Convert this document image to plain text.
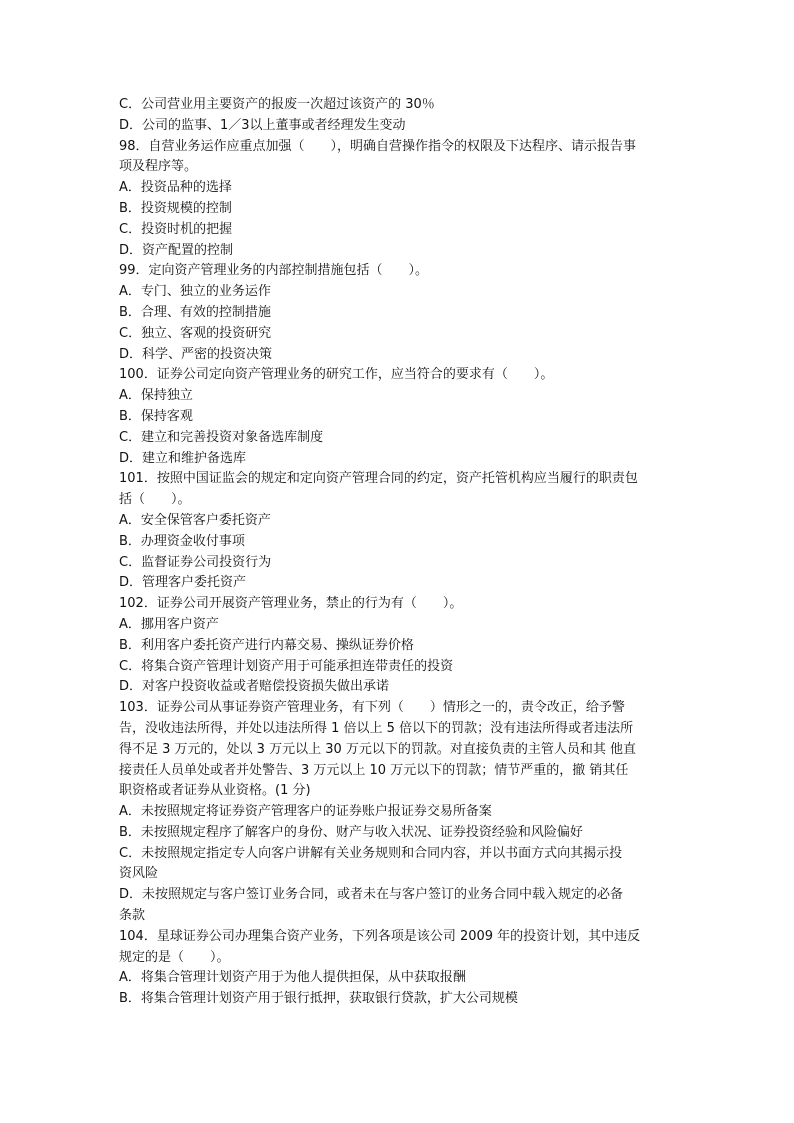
C．公司营业用主要资产的报废一次超过该资产的 30％
D．公司的监事、1／3以上董事或者经理发生变动
98．自营业务运作应重点加强（　　），明确自营操作指令的权限及下达程序、请示报告事
项及程序等。
A．投资品种的选择
B．投资规模的控制
C．投资时机的把握
D．资产配置的控制
99．定向资产管理业务的内部控制措施包括（　　）。
A．专门、独立的业务运作
B．合理、有效的控制措施
C．独立、客观的投资研究
D．科学、严密的投资决策
100．证券公司定向资产管理业务的研究工作，应当符合的要求有（　　）。
A．保持独立
B．保持客观
C．建立和完善投资对象备选库制度
D．建立和维护备选库
101．按照中国证监会的规定和定向资产管理合同的约定，资产托管机构应当履行的职责包
括（　　）。
A．安全保管客户委托资产
B．办理资金收付事项
C．监督证券公司投资行为
D．管理客户委托资产
102．证券公司开展资产管理业务，禁止的行为有（　　）。
A．挪用客户资产
B．利用客户委托资产进行内幕交易、操纵证券价格
C．将集合资产管理计划资产用于可能承担连带责任的投资
D．对客户投资收益或者赔偿投资损失做出承诺
103．证券公司从事证券资产管理业务，有下列（　　）情形之一的，责令改正，给予警
告，没收违法所得，并处以违法所得 1 倍以上 5 倍以下的罚款；没有违法所得或者违法所
得不足 3 万元的，处以 3 万元以上 30 万元以下的罚款。对直接负责的主管人员和其 他直
接责任人员单处或者并处警告、3 万元以上 10 万元以下的罚款；情节严重的，撤 销其任
职资格或者证券从业资格。(1 分)
A．未按照规定将证券资产管理客户的证券账户报证券交易所备案
B．未按照规定程序了解客户的身份、财产与收入状况、证券投资经验和风险偏好
C．未按照规定指定专人向客户讲解有关业务规则和合同内容，并以书面方式向其揭示投
资风险
D．未按照规定与客户签订业务合同，或者未在与客户签订的业务合同中载入规定的必备
条款
104．星球证券公司办理集合资产业务，下列各项是该公司 2009 年的投资计划，其中违反
规定的是（　　）。
A．将集合管理计划资产用于为他人提供担保，从中获取报酬
B．将集合管理计划资产用于银行抵押，获取银行贷款，扩大公司规模
